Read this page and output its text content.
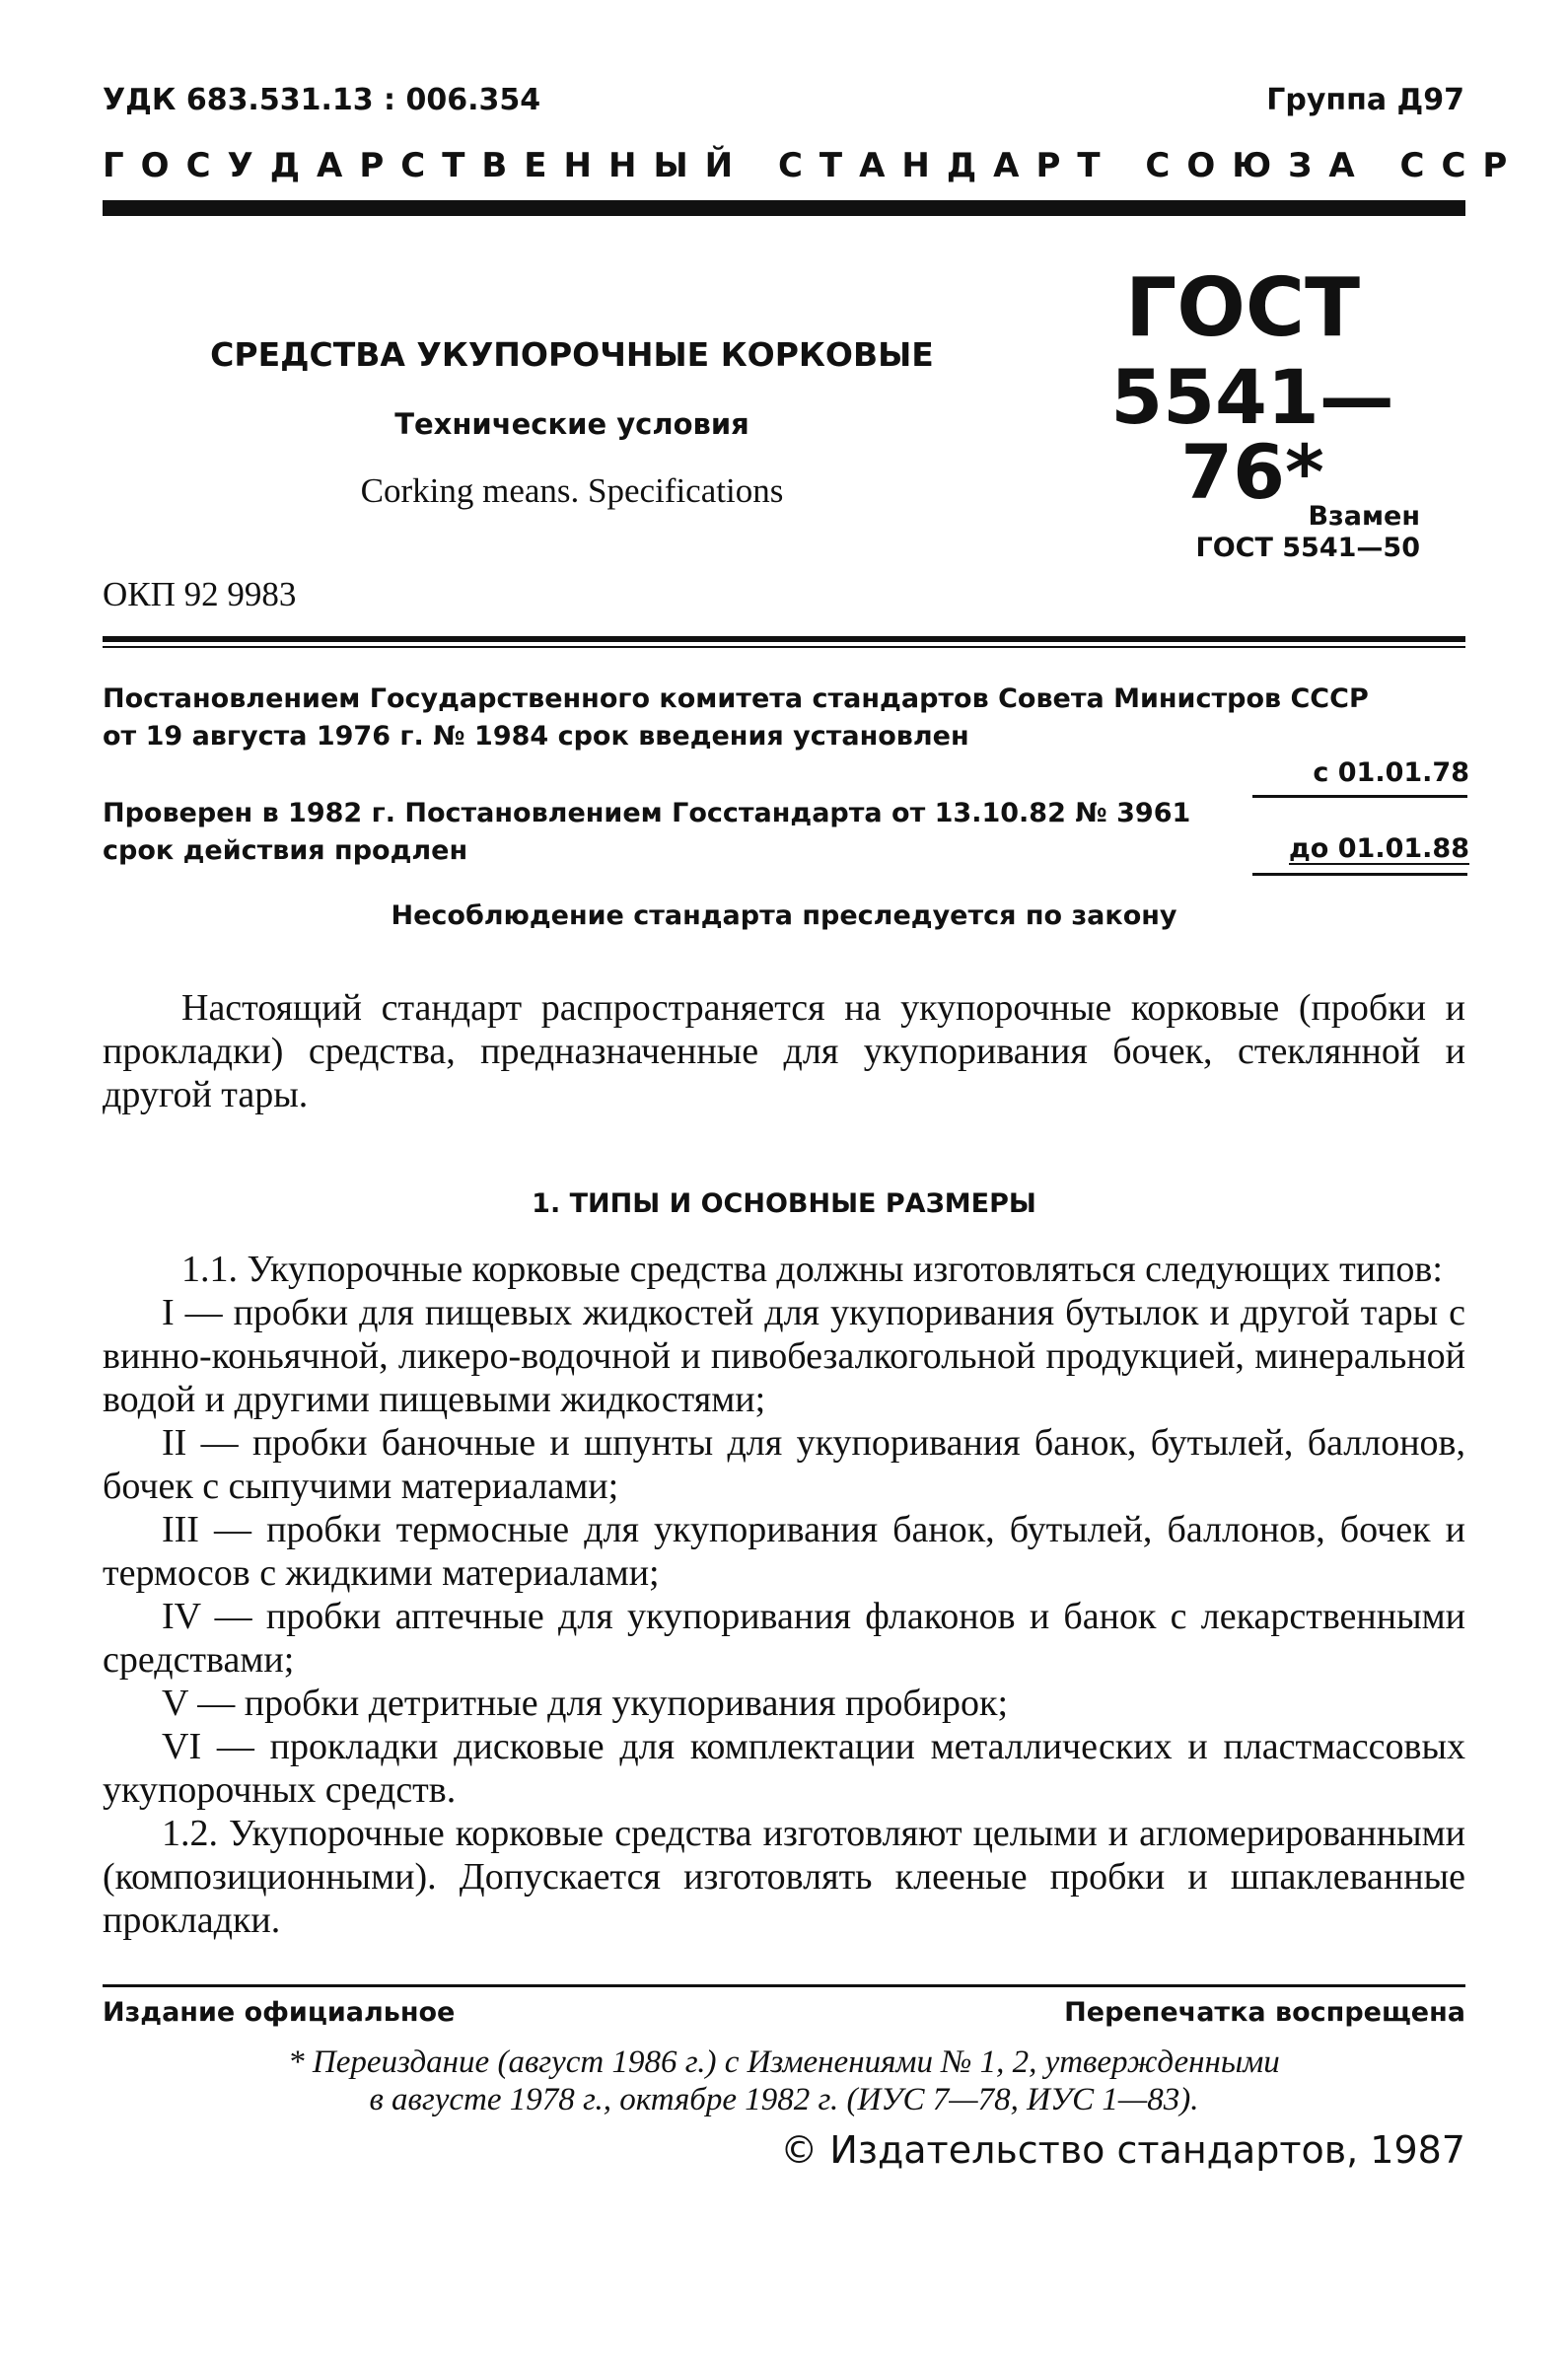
УДК 683.531.13 : 006.354	Группа Д97
ГОСУДАРСТВЕННЫЙ СТАНДАРТ СОЮЗА ССР
СРЕДСТВА УКУПОРОЧНЫЕ КОРКОВЫЕ
Технические условия
Corking means. Specifications
ОКП 92 9983
ГОСТ
5541—76*
Взамен
ГОСТ 5541—50
Постановлением Государственного комитета стандартов Совета Министров СССР
от 19 августа 1976 г. № 1984 срок введения установлен
с 01.01.78
Проверен в 1982 г. Постановлением Госстандарта от 13.10.82 № 3961
срок действия продлен	до 01.01.88
Несоблюдение стандарта преследуется по закону
Настоящий стандарт распространяется на укупорочные корковые (пробки и прокладки) средства, предназначенные для укупоривания бочек, стеклянной и другой тары.
1. ТИПЫ И ОСНОВНЫЕ РАЗМЕРЫ

1.1. Укупорочные корковые средства должны изготовляться следующих типов:

I — пробки для пищевых жидкостей для укупоривания бутылок и другой тары с винно-коньячной, ликеро-водочной и пивобезалкогольной продукцией, минеральной водой и другими пищевыми жидкостями;

II — пробки баночные и шпунты для укупоривания банок, бутылей, баллонов, бочек с сыпучими материалами;

III — пробки термосные для укупоривания банок, бутылей, баллонов, бочек и термосов с жидкими материалами;

IV — пробки аптечные для укупоривания флаконов и банок с лекарственными средствами;

V — пробки детритные для укупоривания пробирок;

VI — прокладки дисковые для комплектации металлических и пластмассовых укупорочных средств.

1.2. Укупорочные корковые средства изготовляют целыми и агломерированными (композиционными). Допускается изготовлять клееные пробки и шпаклеванные прокладки.

Издание официальное	Перепечатка воспрещена
* Переиздание (август 1986 г.) с Изменениями № 1, 2, утвержденными
в августе 1978 г., октябре 1982 г. (ИУС 7—78, ИУС 1—83).
© Издательство стандартов, 1987
